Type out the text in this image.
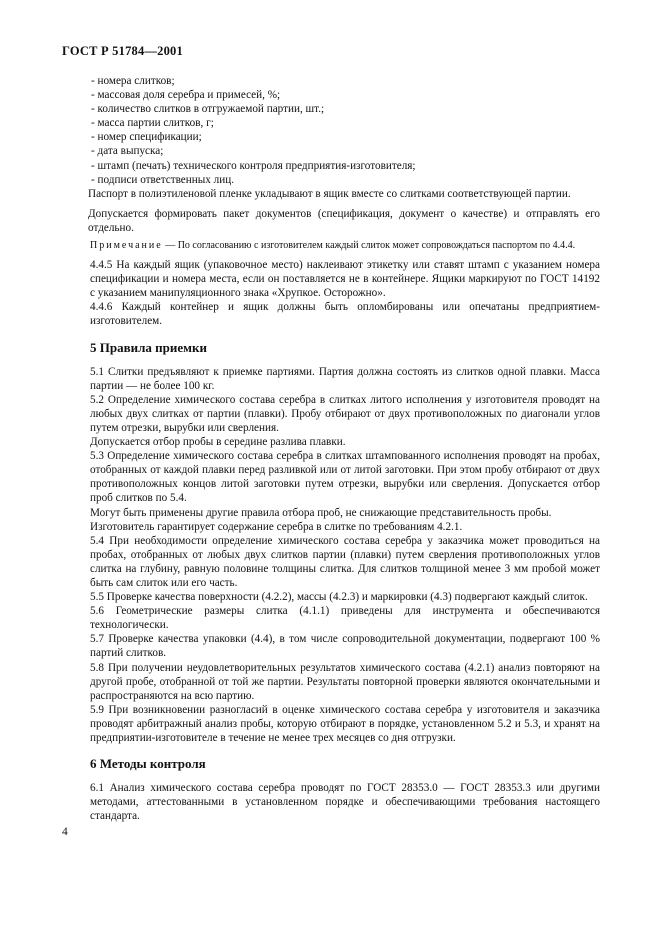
ГОСТ Р 51784—2001

- номера слитков;

- массовая доля серебра и примесей, %;

- количество слитков в отгружаемой партии, шт.;

- масса партии слитков, г;

- номер спецификации;

- дата выпуска;

- штамп (печать) технического контроля предприятия-изготовителя;

- подписи ответственных лиц.

Паспорт в полиэтиленовой пленке укладывают в ящик вместе со слитками соответствующей партии.

Допускается формировать пакет документов (спецификация, документ о качестве) и отправлять его отдельно.

Примечание — По согласованию с изготовителем каждый слиток может сопровождаться паспортом по 4.4.4.

4.4.5 На каждый ящик (упаковочное место) наклеивают этикетку или ставят штамп с указанием номера спецификации и номера места, если он поставляется не в контейнере. Ящики маркируют по ГОСТ 14192 с указанием манипуляционного знака «Хрупкое. Осторожно».

4.4.6 Каждый контейнер и ящик должны быть опломбированы или опечатаны предприятием-изготовителем.

5 Правила приемки

5.1 Слитки предъявляют к приемке партиями. Партия должна состоять из слитков одной плавки. Масса партии — не более 100 кг.

5.2 Определение химического состава серебра в слитках литого исполнения у изготовителя проводят на любых двух слитках от партии (плавки). Пробу отбирают от двух противоположных по диагонали углов путем отрезки, вырубки или сверления.

Допускается отбор пробы в середине разлива плавки.

5.3 Определение химического состава серебра в слитках штампованного исполнения проводят на пробах, отобранных от каждой плавки перед разливкой или от литой заготовки. При этом пробу отбирают от двух противоположных концов литой заготовки путем отрезки, вырубки или сверления. Допускается отбор проб слитков по 5.4.

Могут быть применены другие правила отбора проб, не снижающие представительность пробы.

Изготовитель гарантирует содержание серебра в слитке по требованиям 4.2.1.

5.4 При необходимости определение химического состава серебра у заказчика может проводиться на пробах, отобранных от любых двух слитков партии (плавки) путем сверления противоположных углов слитка на глубину, равную половине толщины слитка. Для слитков толщиной менее 3 мм пробой может быть сам слиток или его часть.

5.5 Проверке качества поверхности (4.2.2), массы (4.2.3) и маркировки (4.3) подвергают каждый слиток.

5.6 Геометрические размеры слитка (4.1.1) приведены для инструмента и обеспечиваются технологически.

5.7 Проверке качества упаковки (4.4), в том числе сопроводительной документации, подвергают 100 % партий слитков.

5.8 При получении неудовлетворительных результатов химического состава (4.2.1) анализ повторяют на другой пробе, отобранной от той же партии. Результаты повторной проверки являются окончательными и распространяются на всю партию.

5.9 При возникновении разногласий в оценке химического состава серебра у изготовителя и заказчика проводят арбитражный анализ пробы, которую отбирают в порядке, установленном 5.2 и 5.3, и хранят на предприятии-изготовителе в течение не менее трех месяцев со дня отгрузки.

6 Методы контроля

6.1 Анализ химического состава серебра проводят по ГОСТ 28353.0 — ГОСТ 28353.3 или другими методами, аттестованными в установленном порядке и обеспечивающими требования настоящего стандарта.

4
